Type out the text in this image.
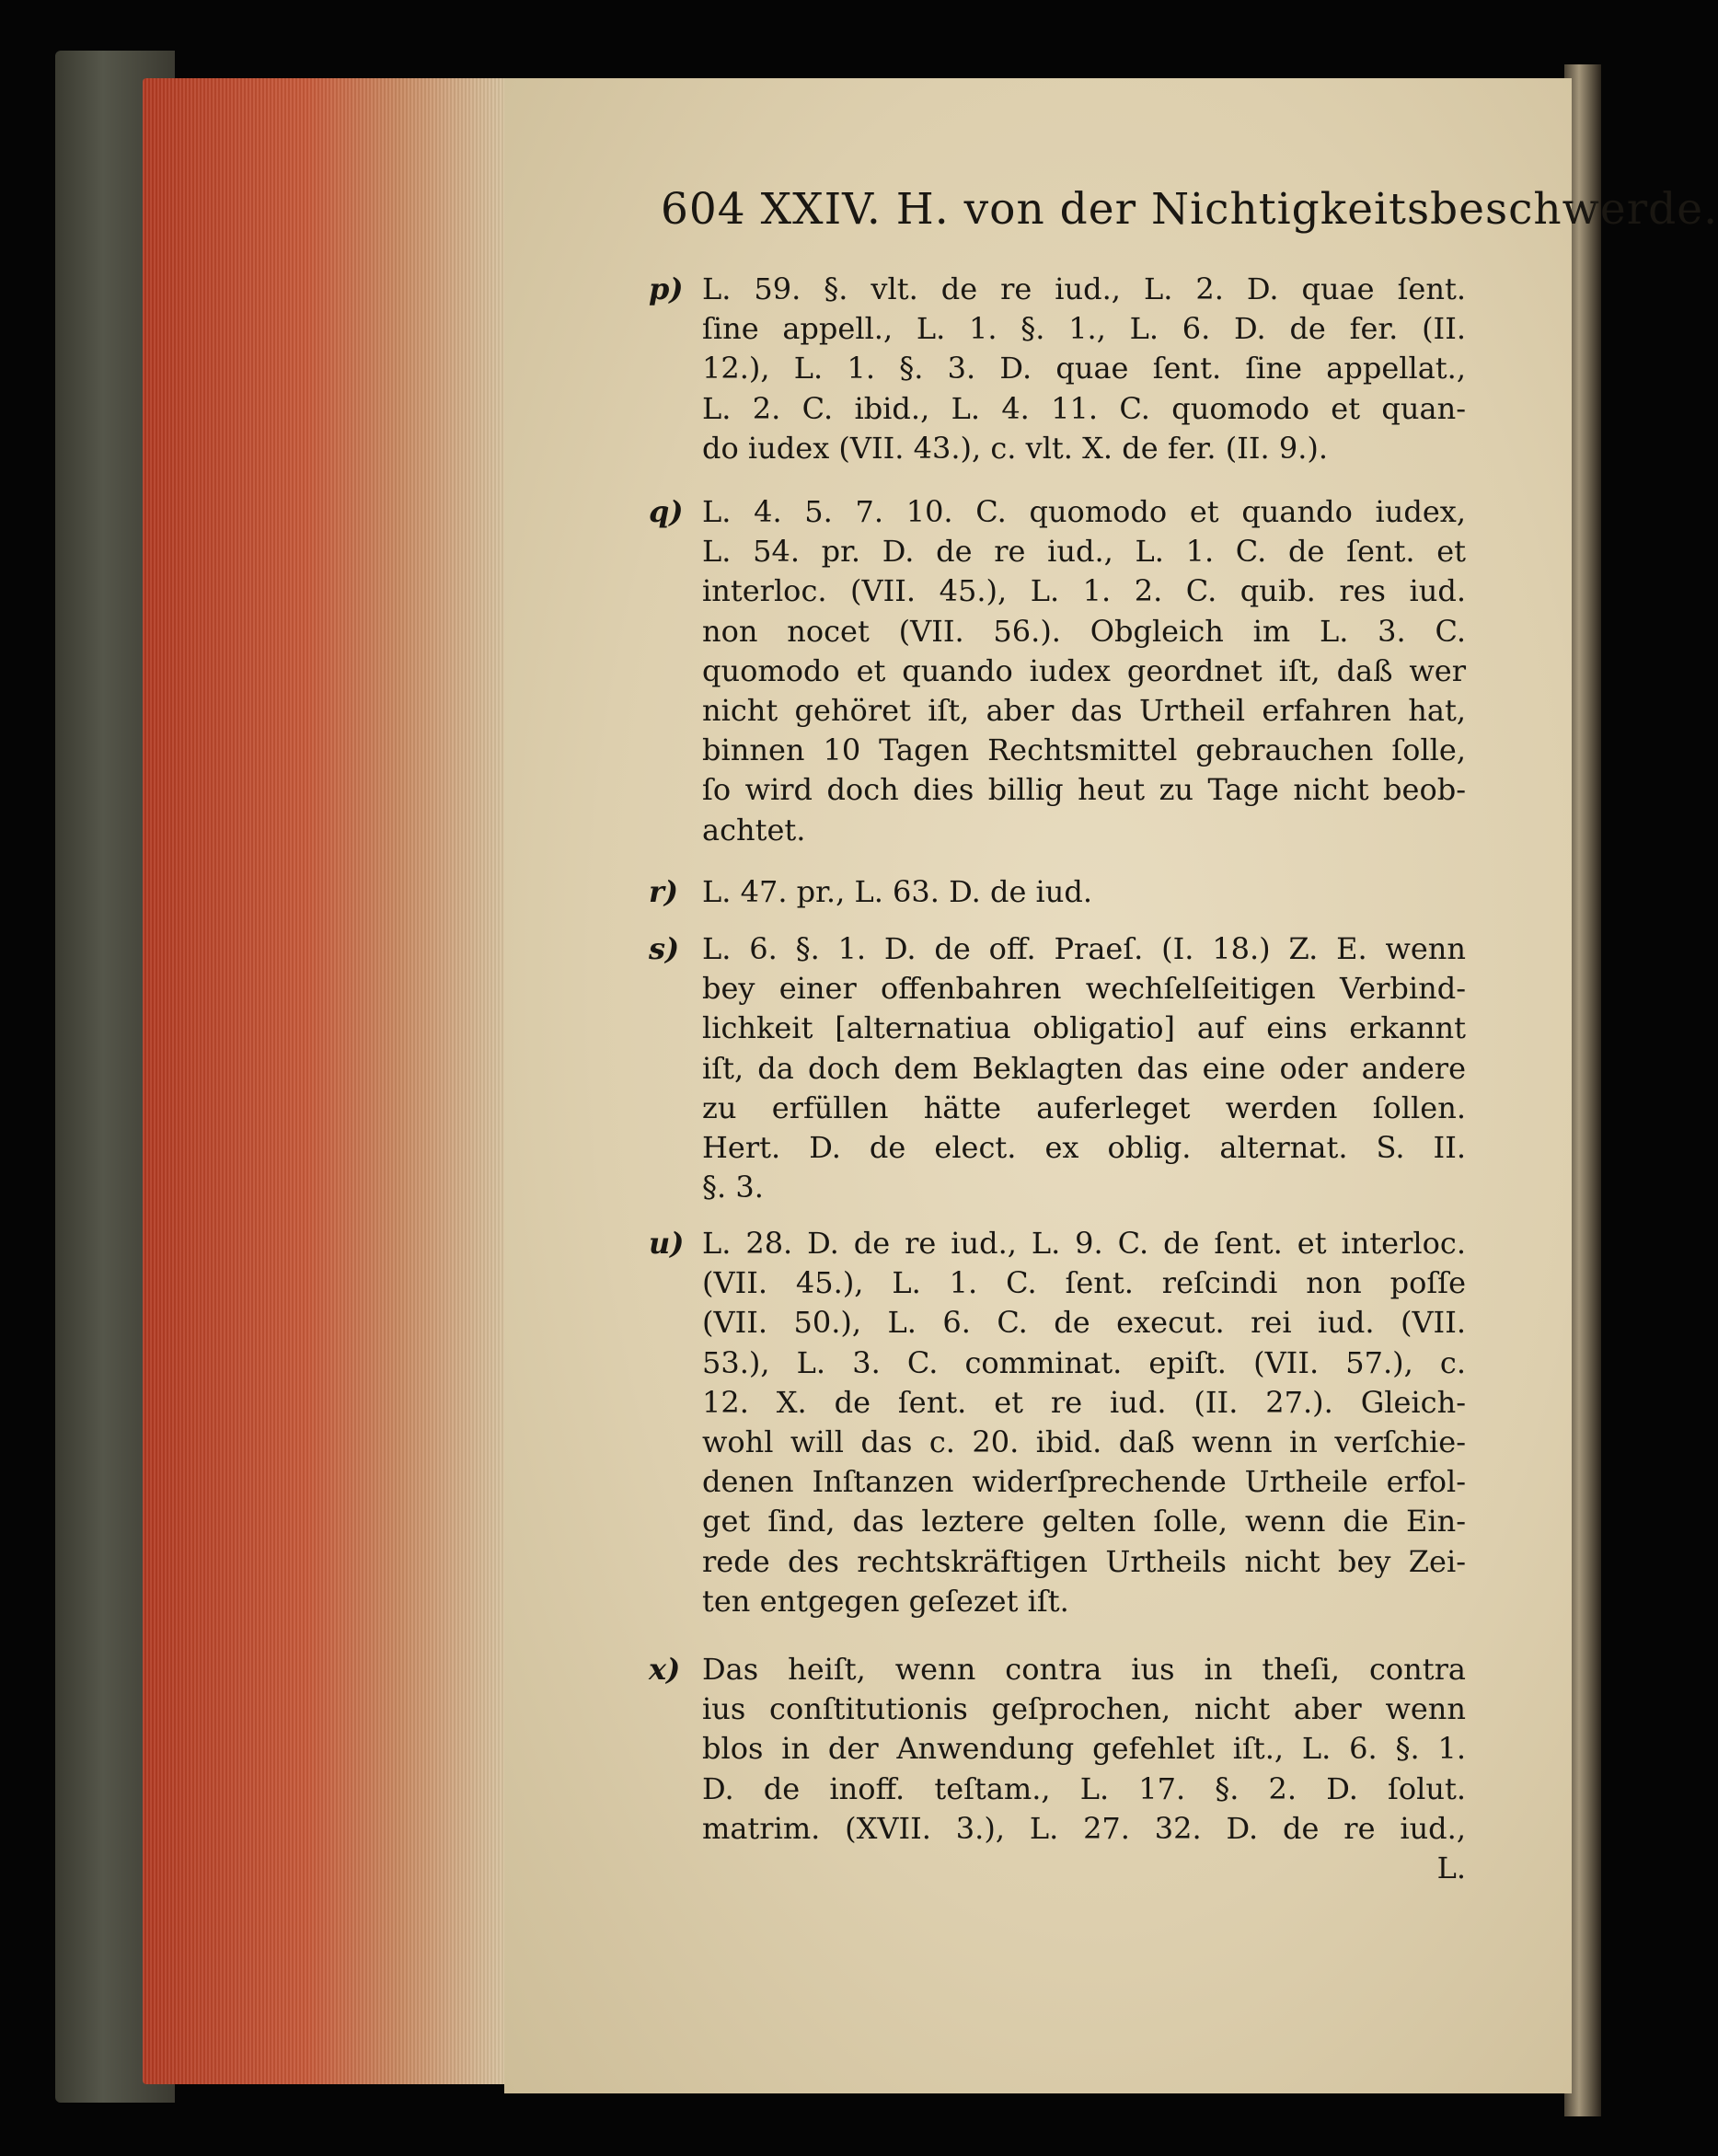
604 XXIV. H. von der Nichtigkeitsbeschwerde.
p) L. 59. §. vlt. de re iud., L. 2. D. quae ſent.
ſine appell., L. 1. §. 1., L. 6. D. de fer. (II.
12.), L. 1. §. 3. D. quae ſent. ſine appellat.,
L. 2. C. ibid., L. 4. 11. C. quomodo et quan-
do iudex (VII. 43.), c. vlt. X. de fer. (II. 9.).
q) L. 4. 5. 7. 10. C. quomodo et quando iudex,
L. 54. pr. D. de re iud., L. 1. C. de ſent. et
interloc. (VII. 45.), L. 1. 2. C. quib. res iud.
non nocet (VII. 56.). Obgleich im L. 3. C.
quomodo et quando iudex geordnet iſt, daß wer
nicht gehöret iſt, aber das Urtheil erfahren hat,
binnen 10 Tagen Rechtsmittel gebrauchen ſolle,
ſo wird doch dies billig heut zu Tage nicht beob-
achtet.
r) L. 47. pr., L. 63. D. de iud.
s) L. 6. §. 1. D. de off. Praeſ. (I. 18.) Z. E. wenn
bey einer offenbahren wechſelſeitigen Verbind-
lichkeit [alternatiua obligatio] auf eins erkannt
iſt, da doch dem Beklagten das eine oder andere
zu erfüllen hätte auferleget werden ſollen.
Hert. D. de elect. ex oblig. alternat. S. II.
§. 3.
u) L. 28. D. de re iud., L. 9. C. de ſent. et interloc.
(VII. 45.), L. 1. C. ſent. reſcindi non poſſe
(VII. 50.), L. 6. C. de execut. rei iud. (VII.
53.), L. 3. C. comminat. epiſt. (VII. 57.), c.
12. X. de ſent. et re iud. (II. 27.). Gleich-
wohl will das c. 20. ibid. daß wenn in verſchie-
denen Inſtanzen widerſprechende Urtheile erfol-
get ſind, das leztere gelten ſolle, wenn die Ein-
rede des rechtskräftigen Urtheils nicht bey Zei-
ten entgegen geſezet iſt.
x) Das heiſt, wenn contra ius in theſi, contra
ius conſtitutionis geſprochen, nicht aber wenn
blos in der Anwendung gefehlet iſt., L. 6. §. 1.
D. de inoff. teſtam., L. 17. §. 2. D. ſolut.
matrim. (XVII. 3.), L. 27. 32. D. de re iud.,
L.
